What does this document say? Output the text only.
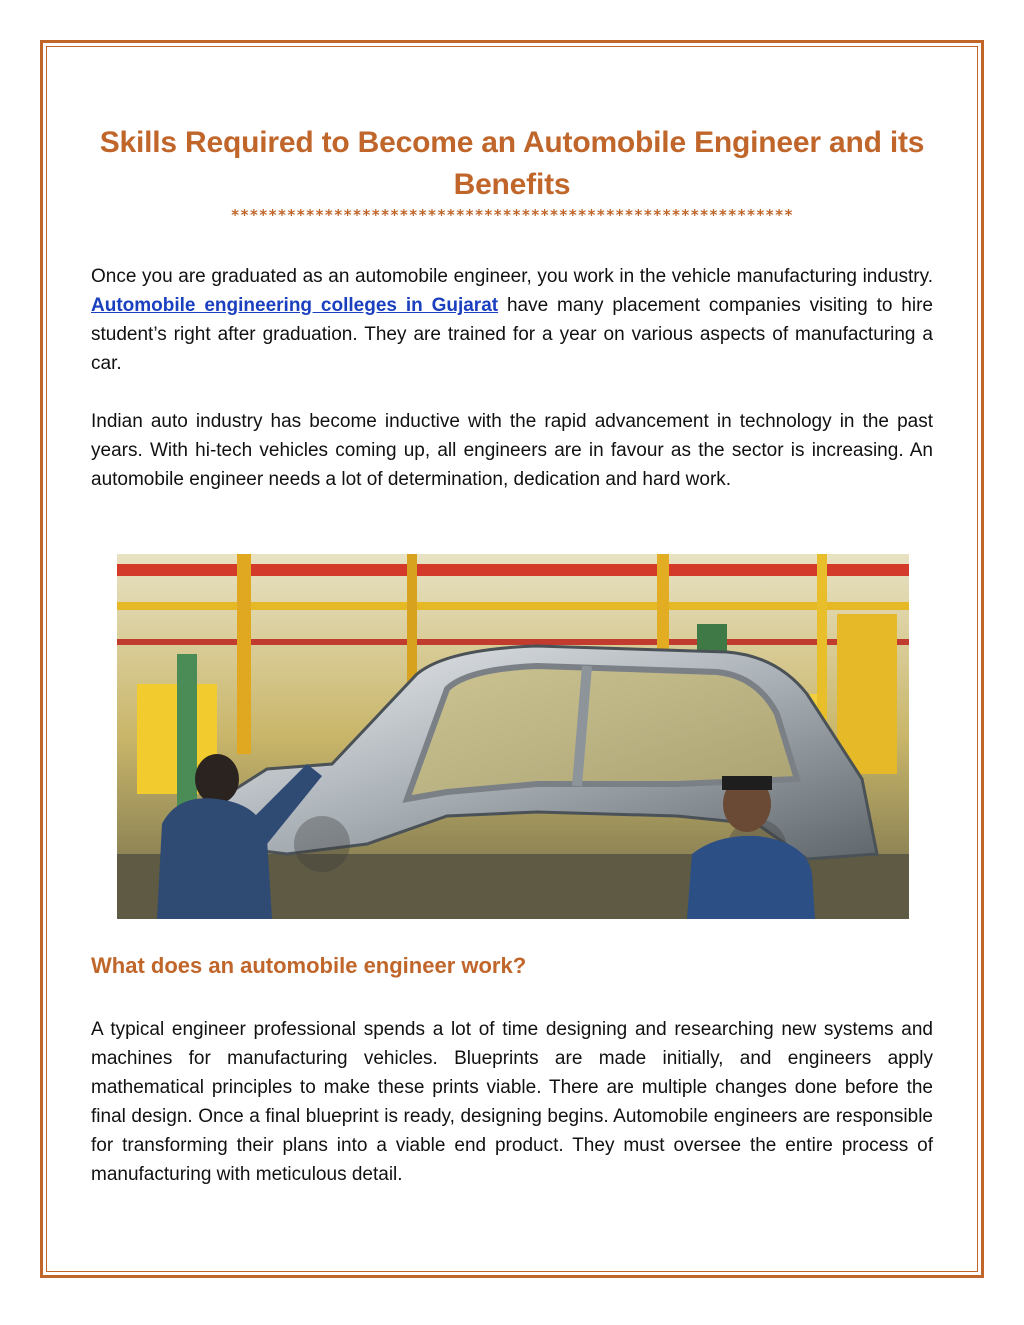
Skills Required to Become an Automobile Engineer and its Benefits
************************************************************

Once you are graduated as an automobile engineer, you work in the vehicle manufacturing industry. Automobile engineering colleges in Gujarat have many placement companies visiting to hire student’s right after graduation. They are trained for a year on various aspects of manufacturing a car.

Indian auto industry has become inductive with the rapid advancement in technology in the past years. With hi-tech vehicles coming up, all engineers are in favour as the sector is increasing. An automobile engineer needs a lot of determination, dedication and hard work.

What does an automobile engineer work?

A typical engineer professional spends a lot of time designing and researching new systems and machines for manufacturing vehicles. Blueprints are made initially, and engineers apply mathematical principles to make these prints viable. There are multiple changes done before the final design. Once a final blueprint is ready, designing begins. Automobile engineers are responsible for transforming their plans into a viable end product. They must oversee the entire process of manufacturing with meticulous detail.
